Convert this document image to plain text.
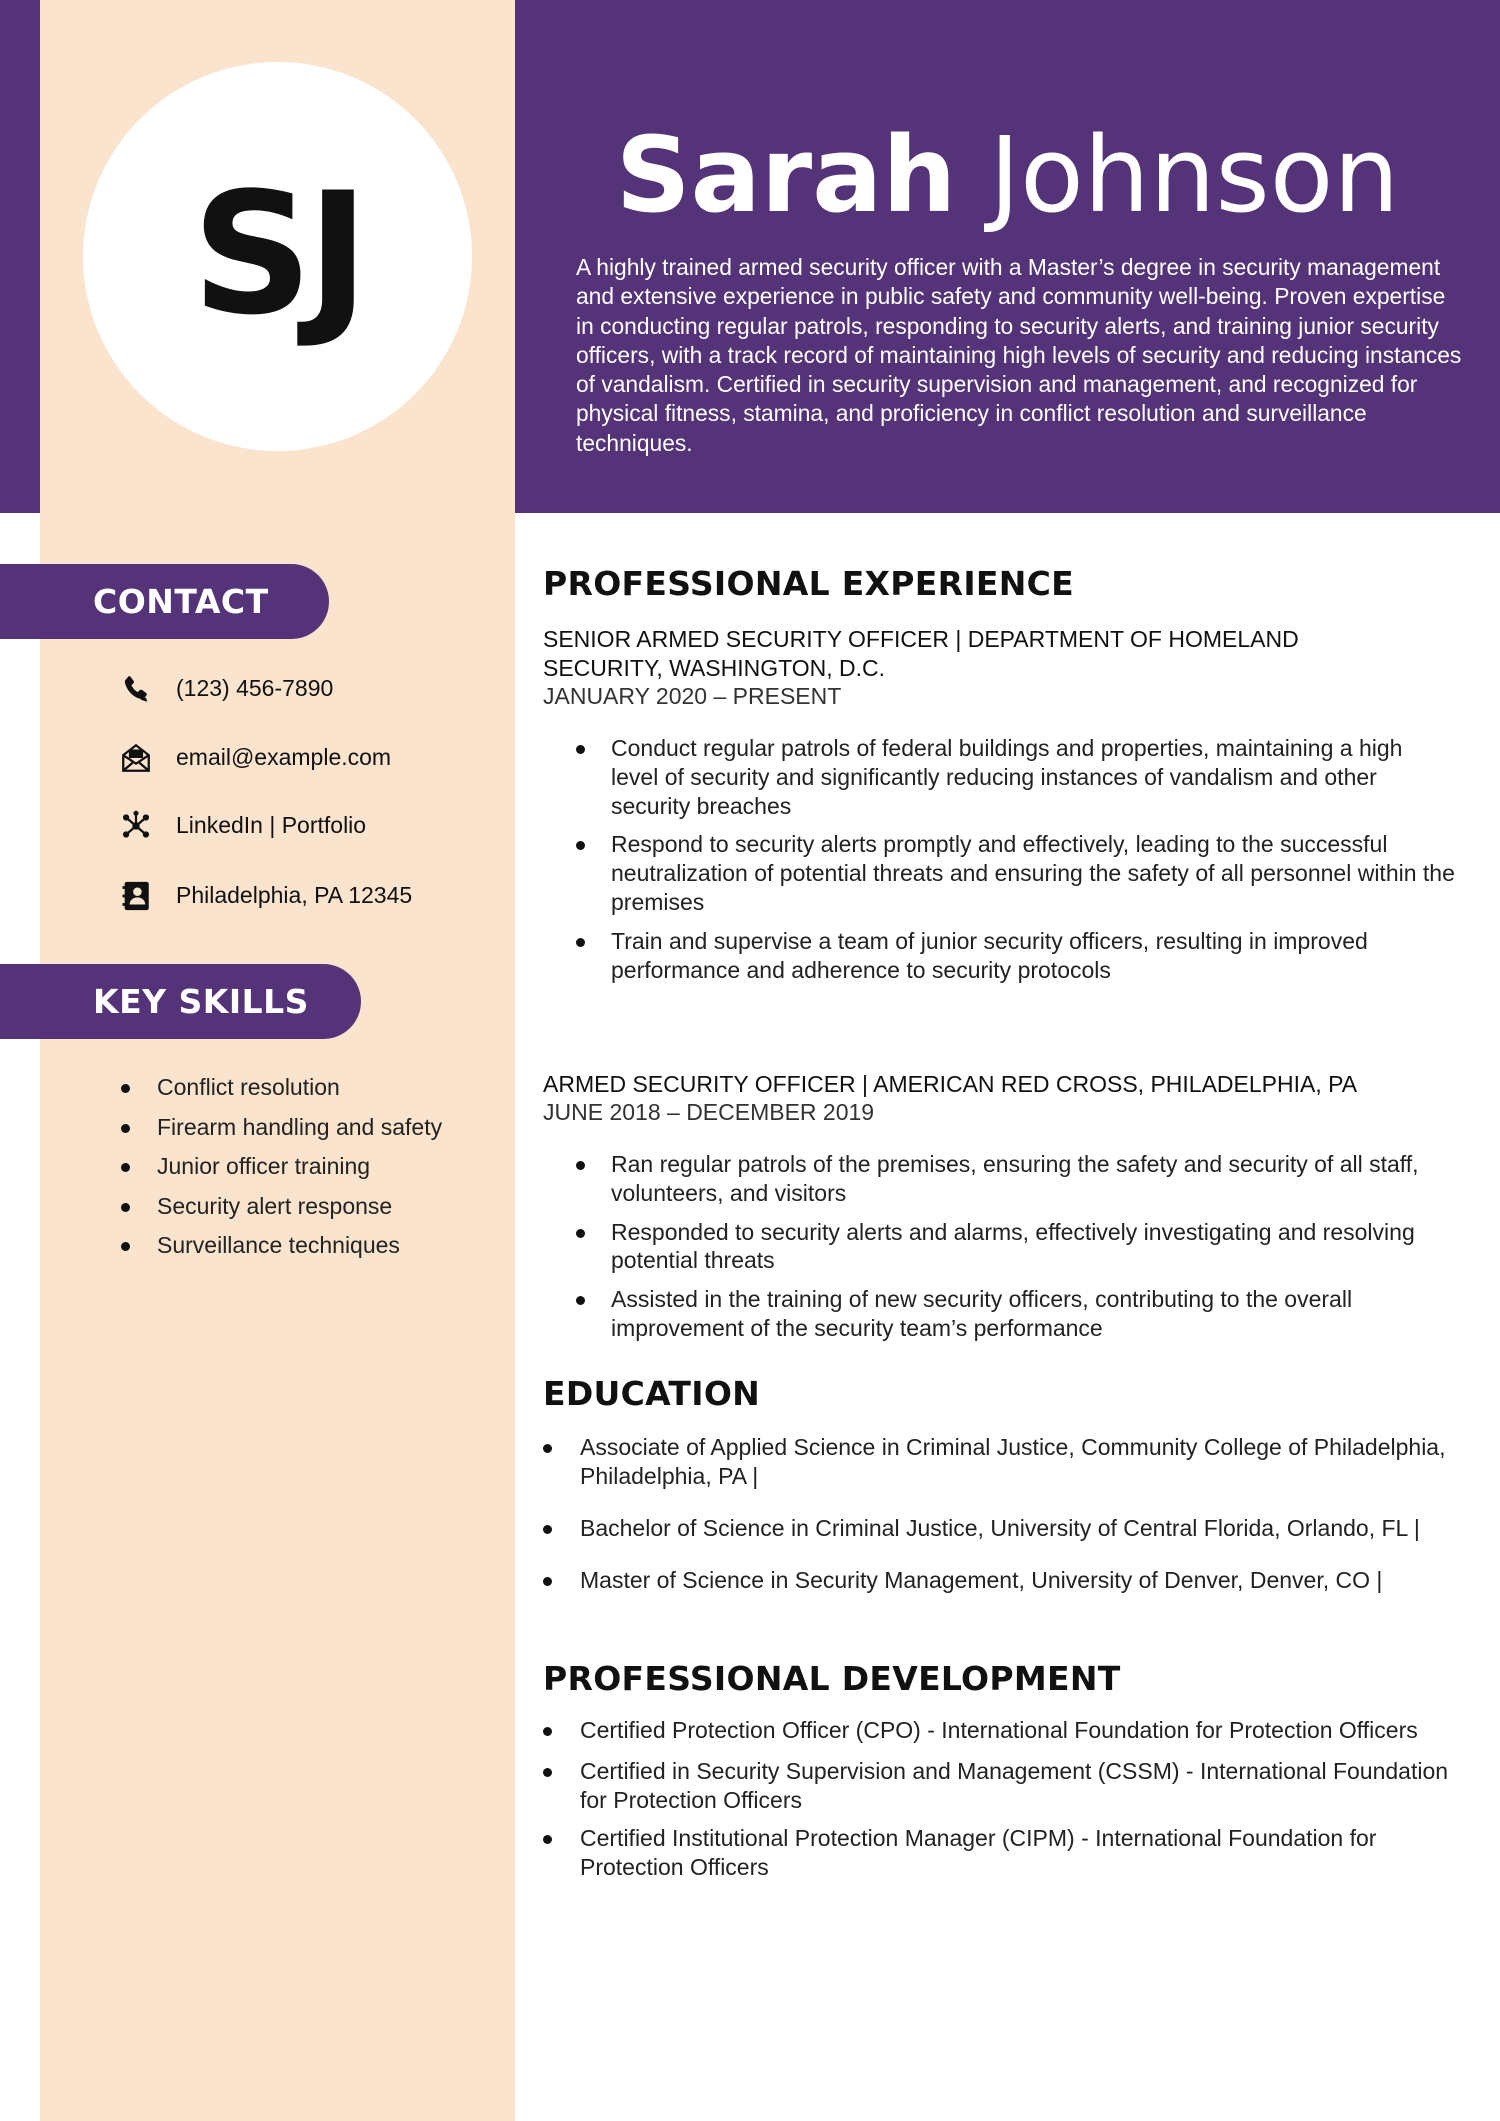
SJ	Sarah Johnson

A highly trained armed security officer with a Master’s degree in security management and extensive experience in public safety and community well-being. Proven expertise in conducting regular patrols, responding to security alerts, and training junior security officers, with a track record of maintaining high levels of security and reducing instances of vandalism. Certified in security supervision and management, and recognized for physical fitness, stamina, and proficiency in conflict resolution and surveillance techniques.

CONTACT
(123) 456-7890
email@example.com
LinkedIn | Portfolio
Philadelphia, PA 12345
KEY SKILLS
Conflict resolution
Firearm handling and safety
Junior officer training
Security alert response
Surveillance techniques
PROFESSIONAL EXPERIENCE
SENIOR ARMED SECURITY OFFICER | DEPARTMENT OF HOMELAND SECURITY, WASHINGTON, D.C.
JANUARY 2020 – PRESENT
Conduct regular patrols of federal buildings and properties, maintaining a high level of security and significantly reducing instances of vandalism and other security breaches
Respond to security alerts promptly and effectively, leading to the successful neutralization of potential threats and ensuring the safety of all personnel within the premises
Train and supervise a team of junior security officers, resulting in improved performance and adherence to security protocols
ARMED SECURITY OFFICER | AMERICAN RED CROSS, PHILADELPHIA, PA
JUNE 2018 – DECEMBER 2019
Ran regular patrols of the premises, ensuring the safety and security of all staff, volunteers, and visitors
Responded to security alerts and alarms, effectively investigating and resolving potential threats
Assisted in the training of new security officers, contributing to the overall improvement of the security team’s performance
EDUCATION
Associate of Applied Science in Criminal Justice, Community College of Philadelphia, Philadelphia, PA |
Bachelor of Science in Criminal Justice, University of Central Florida, Orlando, FL |
Master of Science in Security Management, University of Denver, Denver, CO |
PROFESSIONAL DEVELOPMENT
Certified Protection Officer (CPO) - International Foundation for Protection Officers
Certified in Security Supervision and Management (CSSM) - International Foundation for Protection Officers
Certified Institutional Protection Manager (CIPM) - International Foundation for Protection Officers
